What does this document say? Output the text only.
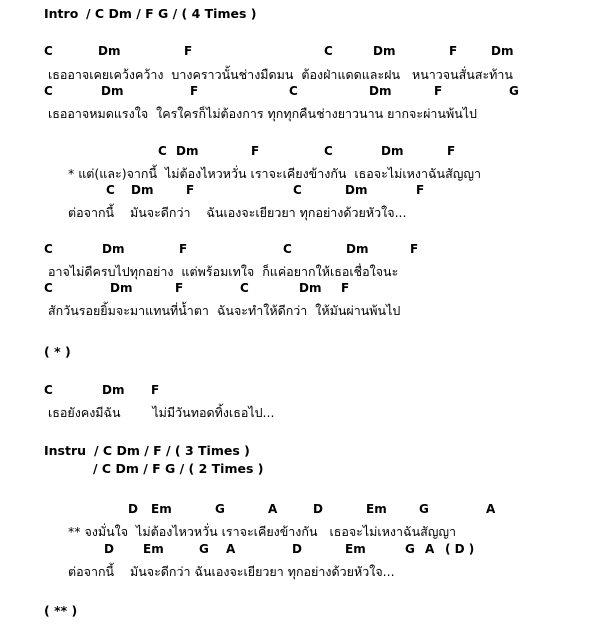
Intro / C Dm / F G / ( 4 Times )
C	Dm	F	C	Dm	F	Dm
เธออาจเคยเคว้งคว้าง  บางคราวนั้นช่างมืดมน  ต้องฝ่าแดดและฝน   หนาวจนสั่นสะท้าน
C	Dm	F	C	Dm	F	G
เธออาจหมดแรงใจ  ใครใครก็ไม่ต้องการ ทุกทุกคืนช่างยาวนาน ยากจะผ่านพ้นไป
C Dm	F	C	Dm	F
* แต่(และ)จากนี้  ไม่ต้องไหวหวั่น เราจะเคียงข้างกัน  เธอจะไม่เหงาฉันสัญญา
C Dm	F	C	Dm	F
ต่อจากนี้    มันจะดีกว่า    ฉันเองจะเยียวยา ทุกอย่างด้วยหัวใจ...
C	Dm	F	C	Dm	F
อาจไม่ดีครบไปทุกอย่าง  แต่พร้อมเทใจ  ก็แค่อยากให้เธอเชื่อใจนะ
C	Dm	F	C	Dm F
สักวันรอยยิ้มจะมาแทนที่น้ำตา  ฉันจะทำให้ดีกว่า  ให้มันผ่านพ้นไป
( * )
C	Dm F
เธอยังคงมีฉัน        ไม่มีวันทอดทิ้งเธอไป...
Instru / C Dm / F / ( 3 Times )
/ C Dm / F G / ( 2 Times )
D Em	G	A	D	Em	G	A
** จงมั่นใจ  ไม่ต้องไหวหวั่น เราจะเคียงข้างกัน   เธอจะไม่เหงาฉันสัญญา
D Em	G A	D	Em	G A ( D )
ต่อจากนี้    มันจะดีกว่า ฉันเองจะเยียวยา ทุกอย่างด้วยหัวใจ...
( ** )
